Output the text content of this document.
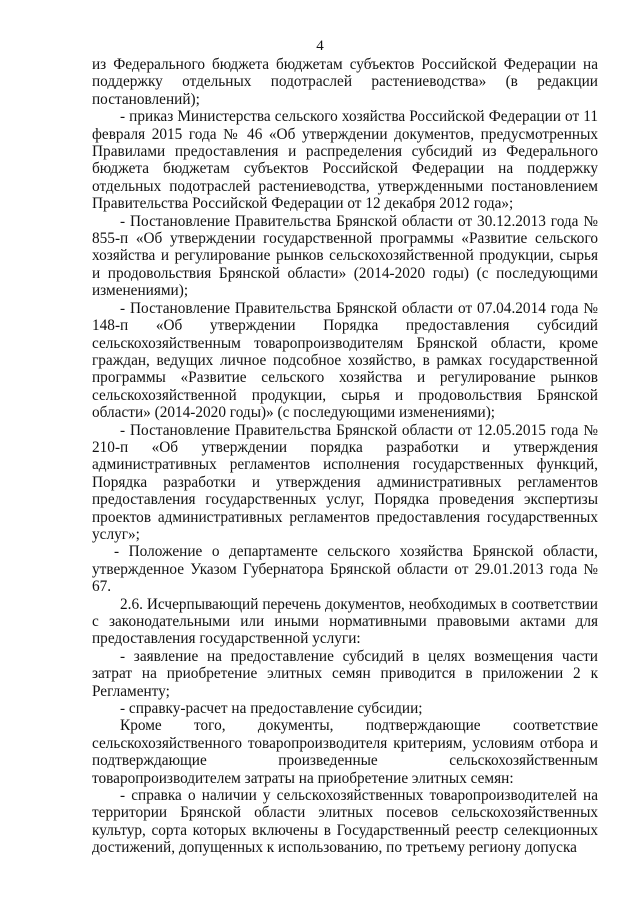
4

из Федерального бюджета бюджетам субъектов Российской Федерации на поддержку отдельных подотраслей растениеводства» (в редакции постановлений);

- приказ Министерства сельского хозяйства Российской Федерации от 11 февраля 2015 года № 46 «Об утверждении документов, предусмотренных Правилами предоставления и распределения субсидий из Федерального бюджета бюджетам субъектов Российской Федерации на поддержку отдельных подотраслей растениеводства, утвержденными постановлением Правительства Российской Федерации от 12 декабря 2012 года»;

- Постановление Правительства Брянской области от 30.12.2013 года № 855-п «Об утверждении государственной программы «Развитие сельского хозяйства и регулирование рынков сельскохозяйственной продукции, сырья и продовольствия Брянской области» (2014-2020 годы) (с последующими изменениями);

- Постановление Правительства Брянской области от 07.04.2014 года № 148-п «Об утверждении Порядка предоставления субсидий сельскохозяйственным товаропроизводителям Брянской области, кроме граждан, ведущих личное подсобное хозяйство, в рамках государственной программы «Развитие сельского хозяйства и регулирование рынков сельскохозяйственной продукции, сырья и продовольствия Брянской области» (2014-2020 годы)» (с последующими изменениями);

- Постановление Правительства Брянской области от 12.05.2015 года № 210-п «Об утверждении порядка разработки и утверждения административных регламентов исполнения государственных функций, Порядка разработки и утверждения административных регламентов предоставления государственных услуг, Порядка проведения экспертизы проектов административных регламентов предоставления государственных услуг»;

- Положение о департаменте сельского хозяйства Брянской области, утвержденное Указом Губернатора Брянской области от 29.01.2013 года № 67.

2.6. Исчерпывающий перечень документов, необходимых в соответствии с законодательными или иными нормативными правовыми актами для предоставления государственной услуги:

- заявление на предоставление субсидий в целях возмещения части затрат на приобретение элитных семян приводится в приложении 2 к Регламенту;

- справку-расчет на предоставление субсидии;

Кроме того, документы, подтверждающие соответствие сельскохозяйственного товаропроизводителя критериям, условиям отбора и подтверждающие произведенные сельскохозяйственным товаропроизводителем затраты на приобретение элитных семян:

- справка о наличии у сельскохозяйственных товаропроизводителей на территории Брянской области элитных посевов сельскохозяйственных культур, сорта которых включены в Государственный реестр селекционных достижений, допущенных к использованию, по третьему региону допуска
